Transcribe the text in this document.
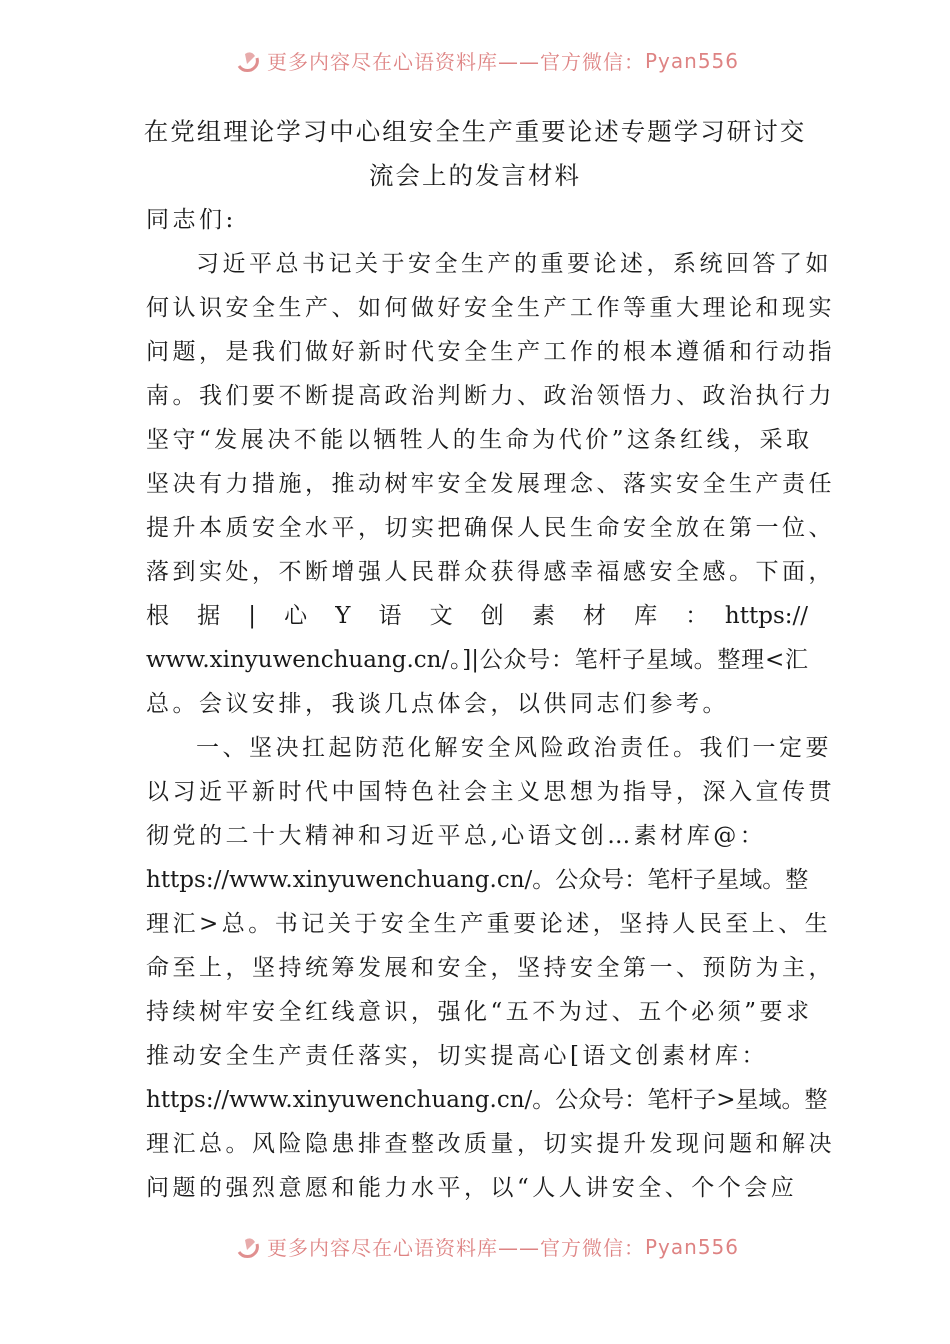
更多内容尽在心语资料库——官方微信： Pyan556
在党组理论学习中心组安全生产重要论述专题学习研讨交
流会上的发言材料
同志们:
习近平总书记关于安全生产的重要论述，系统回答了如
何认识安全生产、如何做好安全生产工作等重大理论和现实
问题，是我们做好新时代安全生产工作的根本遵循和行动指
南。我们要不断提高政治判断力、政治领悟力、政治执行力
坚守“发展决不能以牺牲人的生命为代价”这条红线，采取
坚决有力措施，推动树牢安全发展理念、落实安全生产责任
提升本质安全水平，切实把确保人民生命安全放在第一位、
落到实处，不断增强人民群众获得感幸福感安全感。下面，
根　据　|　心　Y　语　文　创　素　材　库　：　https://
www.xinyuwenchuang.cn/。]|公众号：笔杆子星域。整理<汇
总。会议安排，我谈几点体会，以供同志们参考。
一、坚决扛起防范化解安全风险政治责任。我们一定要
以习近平新时代中国特色社会主义思想为指导，深入宣传贯
彻党的二十大精神和习近平总,心语文创…素材库@：
https://www.xinyuwenchuang.cn/。公众号：笔杆子星域。整
理汇>总。书记关于安全生产重要论述，坚持人民至上、生
命至上，坚持统筹发展和安全，坚持安全第一、预防为主，
持续树牢安全红线意识，强化“五不为过、五个必须”要求
推动安全生产责任落实，切实提高心[语文创素材库：
https://www.xinyuwenchuang.cn/。公众号：笔杆子>星域。整
理汇总。风险隐患排查整改质量，切实提升发现问题和解决
问题的强烈意愿和能力水平，以“人人讲安全、个个会应
更多内容尽在心语资料库——官方微信： Pyan556
